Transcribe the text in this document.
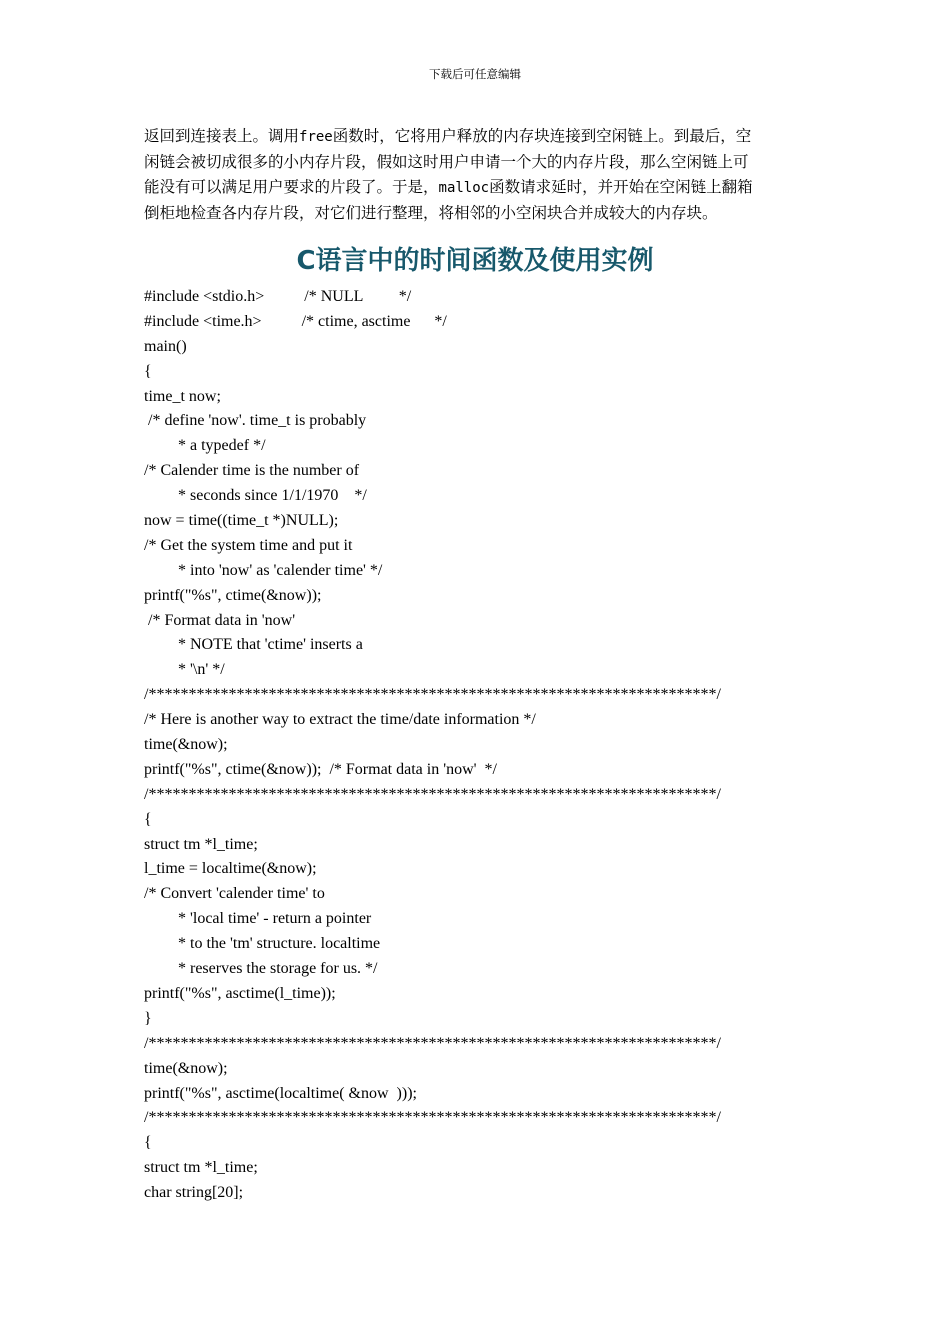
下载后可任意编辑
返回到连接表上。调用free函数时，它将用户释放的内存块连接到空闲链上。到最后，空
闲链会被切成很多的小内存片段，假如这时用户申请一个大的内存片段，那么空闲链上可
能没有可以满足用户要求的片段了。于是，malloc函数请求延时，并开始在空闲链上翻箱
倒柜地检查各内存片段，对它们进行整理，将相邻的小空闲块合并成较大的内存块。
C语言中的时间函数及使用实例
#include <stdio.h>          /* NULL         */
#include <time.h>          /* ctime, asctime      */
main()
{
time_t now;
/* define 'now'. time_t is probably
* a typedef */
/* Calender time is the number of
* seconds since 1/1/1970    */
now = time((time_t *)NULL);
/* Get the system time and put it
* into 'now' as 'calender time' */
printf("%s", ctime(&now));
/* Format data in 'now'
* NOTE that 'ctime' inserts a
* '\n' */
/***********************************************************************/
/* Here is another way to extract the time/date information */
time(&now);
printf("%s", ctime(&now));  /* Format data in 'now'  */
/***********************************************************************/
{
struct tm *l_time;
l_time = localtime(&now);
/* Convert 'calender time' to
* 'local time' - return a pointer
* to the 'tm' structure. localtime
* reserves the storage for us. */
printf("%s", asctime(l_time));
}
/***********************************************************************/
time(&now);
printf("%s", asctime(localtime( &now  )));
/***********************************************************************/
{
struct tm *l_time;
char string[20];
